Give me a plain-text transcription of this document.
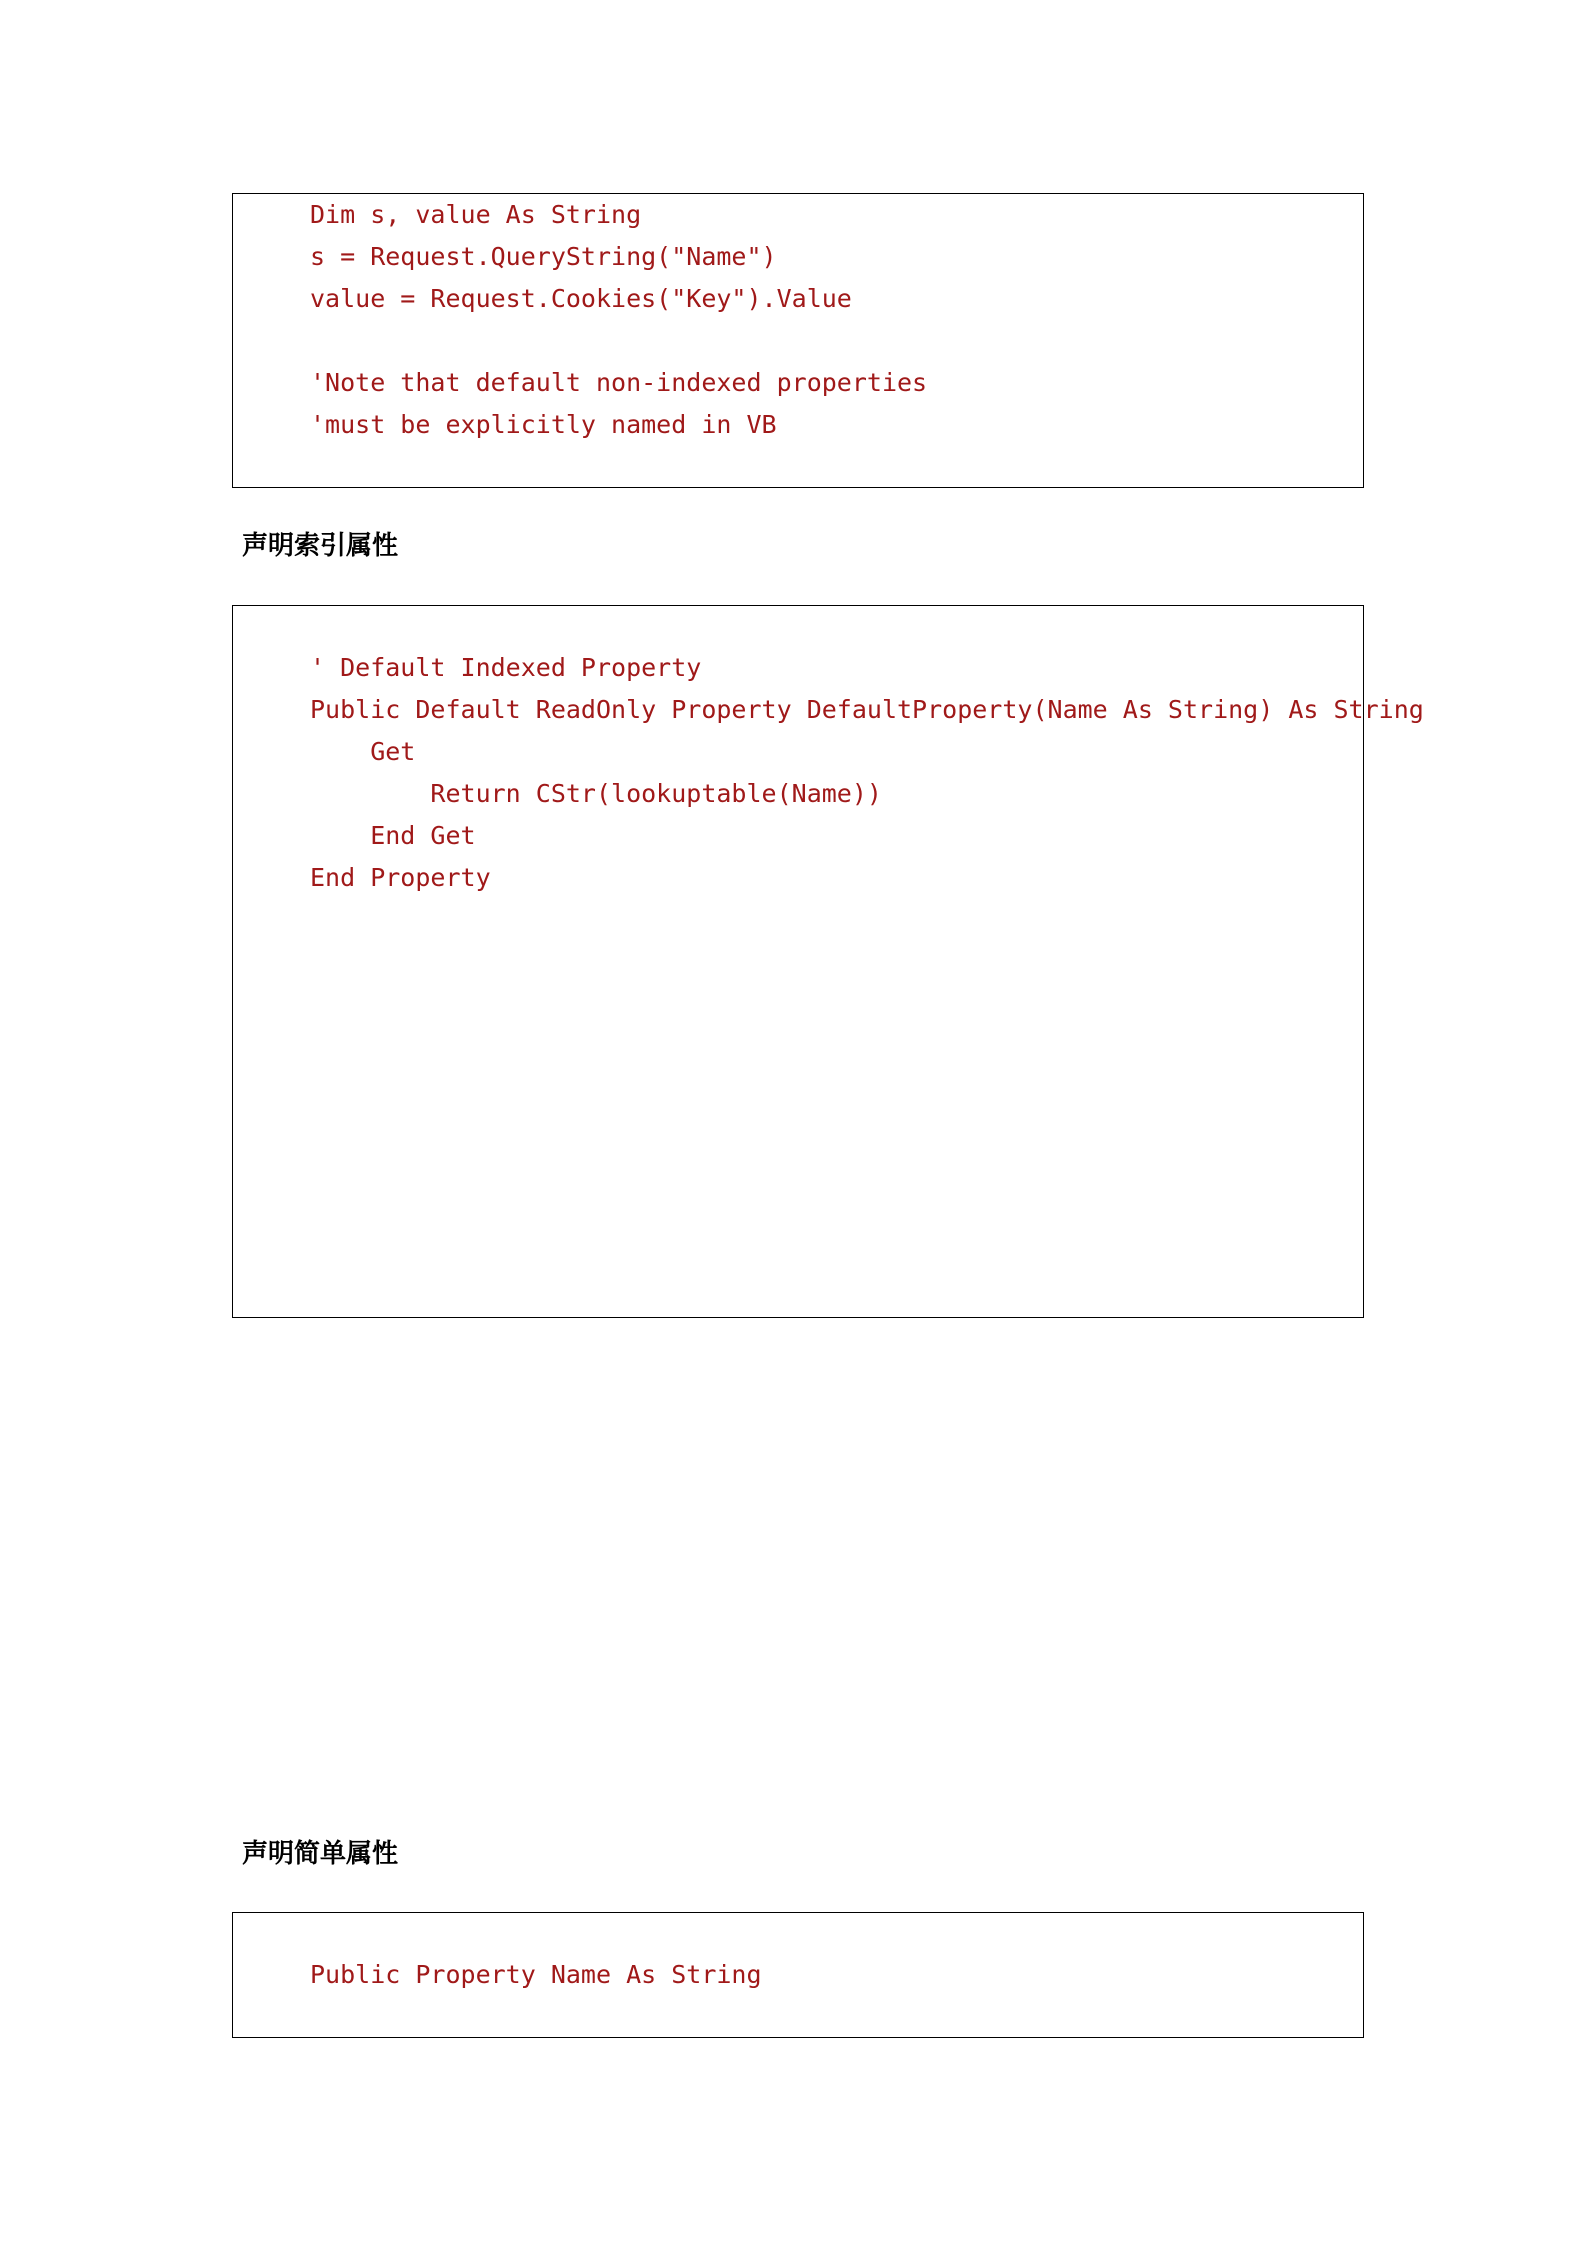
Dim s, value As String
s = Request.QueryString("Name")
value = Request.Cookies("Key").Value
'Note that default non-indexed properties
'must be explicitly named in VB
声明索引属性
' Default Indexed Property
Public Default ReadOnly Property DefaultProperty(Name As String) As String
Get
Return CStr(lookuptable(Name))
End Get
End Property
声明简单属性
Public Property Name As String
